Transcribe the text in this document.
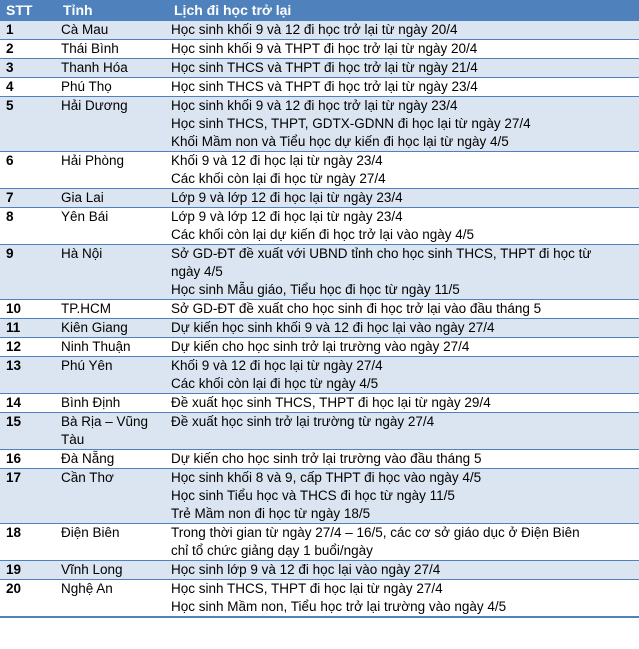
STT	Tỉnh	Lịch đi học trở lại

1	Cà Mau	Học sinh khối 9 và 12 đi học trở lại từ ngày 20/4

2	Thái Bình	Học sinh khối 9 và THPT đi học trở lại từ ngày 20/4

3	Thanh Hóa	Học sinh THCS và THPT đi học trở lại từ ngày 21/4

4	Phú Thọ	Học sinh THCS và THPT đi học trở lại từ ngày 23/4

5	Hải Dương	Học sinh khối 9 và 12 đi học trở lại từ ngày 23/4
Học sinh THCS, THPT, GDTX-GDNN đi học lại từ ngày 27/4
Khối Mầm non và Tiểu học dự kiến đi học lại từ ngày 4/5

6	Hải Phòng	Khối 9 và 12 đi học lại từ ngày 23/4
Các khối còn lại đi học từ ngày 27/4

7	Gia Lai	Lớp 9 và lớp 12 đi học lại từ ngày 23/4

8	Yên Bái	Lớp 9 và lớp 12 đi học lại từ ngày 23/4
Các khối còn lại dự kiến đi học trở lại vào ngày 4/5

9	Hà Nội	Sở GD-ĐT đề xuất với UBND tỉnh cho học sinh THCS, THPT đi học từ
ngày 4/5
Học sinh Mẫu giáo, Tiểu học đi học từ ngày 11/5

10	TP.HCM	Sở GD-ĐT đề xuất cho học sinh đi học trở lại vào đầu tháng 5

11	Kiên Giang	Dự kiến học sinh khối 9 và 12 đi học lại vào ngày 27/4

12	Ninh Thuận	Dự kiến cho học sinh trở lại trường vào ngày 27/4

13	Phú Yên	Khối 9 và 12 đi học lại từ ngày 27/4
Các khối còn lại đi học từ ngày 4/5

14	Bình Định	Đề xuất học sinh THCS, THPT đi học lại từ ngày 29/4

15	Bà Rịa – Vũng
Tàu	Đề xuất học sinh trở lại trường từ ngày 27/4

16	Đà Nẵng	Dự kiến cho học sinh trở lại trường vào đầu tháng 5

17	Cần Thơ	Học sinh khối 8 và 9, cấp THPT đi học vào ngày 4/5
Học sinh Tiểu học và THCS đi học từ ngày 11/5
Trẻ Mầm non đi học từ ngày 18/5

18	Điện Biên	Trong thời gian từ ngày 27/4 – 16/5, các cơ sở giáo dục ở Điện Biên
chỉ tổ chức giảng dạy 1 buổi/ngày

19	Vĩnh Long	Học sinh lớp 9 và 12 đi học lại vào ngày 27/4

20	Nghệ An	Học sinh THCS, THPT đi học lại từ ngày 27/4
Học sinh Mầm non, Tiểu học trở lại trường vào ngày 4/5
